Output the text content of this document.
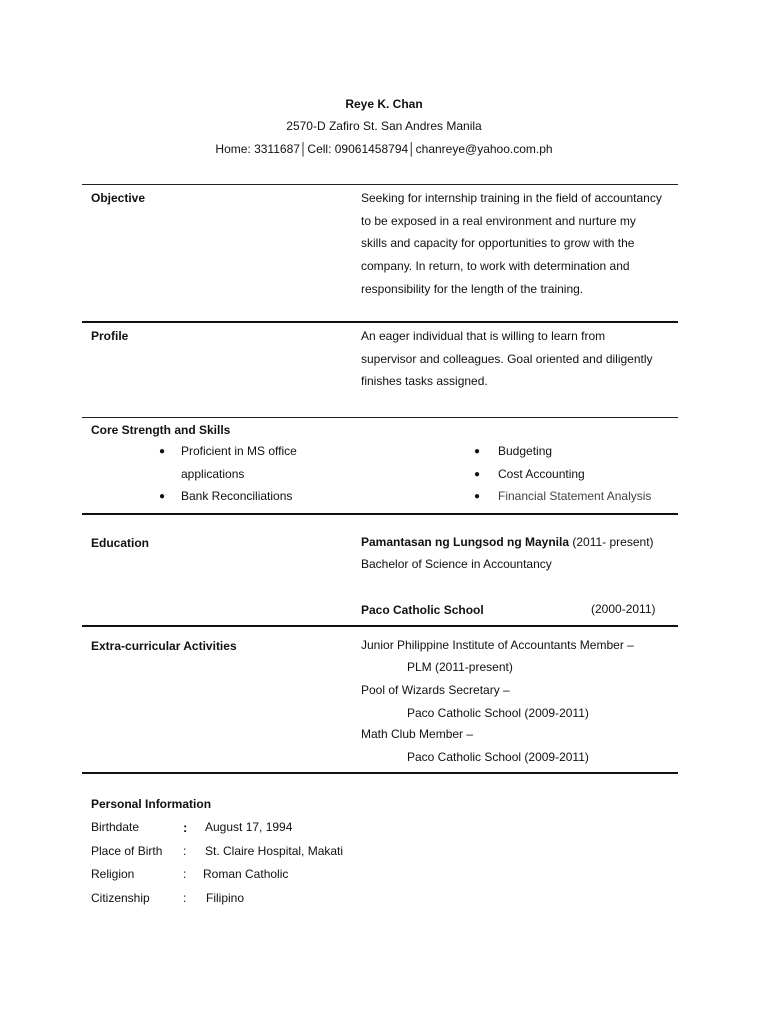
Reye K. Chan
2570-D Zafiro St. San Andres Manila
Home: 3311687│Cell: 09061458794│chanreye@yahoo.com.ph
Objective	Seeking for internship training in the field of accountancy
to be exposed in a real environment and nurture my
skills and capacity for opportunities to grow with the
company. In return, to work with determination and
responsibility for the length of the training.
Profile	An eager individual that is willing to learn from
supervisor and colleagues. Goal oriented and diligently
finishes tasks assigned.
Core Strength and Skills
● Proficient in MS office
applications
● Bank Reconciliations
● Budgeting
● Cost Accounting
● Financial Statement Analysis
Education	Pamantasan ng Lungsod ng Maynila (2011- present)
Bachelor of Science in Accountancy
Paco Catholic School	(2000-2011)
Extra-curricular Activities	Junior Philippine Institute of Accountants Member –
PLM (2011-present)
Pool of Wizards Secretary –
Paco Catholic School (2009-2011)
Math Club Member –
Paco Catholic School (2009-2011)
Personal Information
Birthdate	: August 17, 1994
Place of Birth : St. Claire Hospital, Makati
Religion	: Roman Catholic
Citizenship	: Filipino
